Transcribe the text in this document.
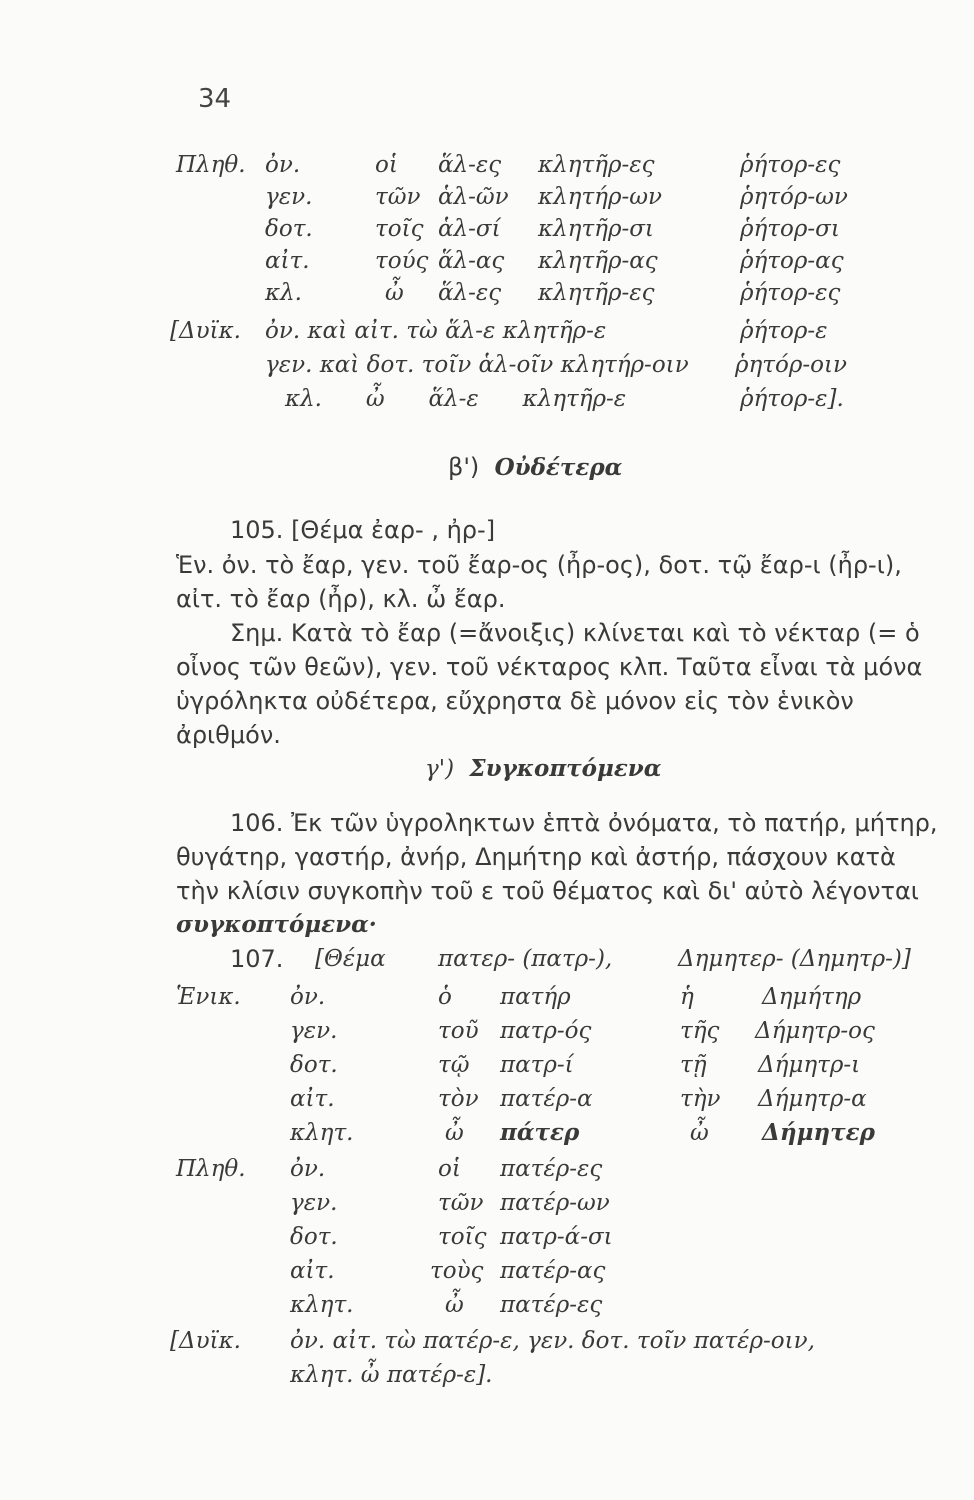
34
Πληθ. ὀν.	οἱ ἅλ-ες κλητῆρ-ες	ῥήτορ-ες
γεν.	τῶν ἁλ-ῶν κλητήρ-ων	ῥητόρ-ων
δοτ.	τοῖς ἁλ-σί κλητῆρ-σι	ῥήτορ-σι
αἰτ.	τούς ἅλ-ας κλητῆρ-ας	ῥήτορ-ας
κλ.	ὦ ἅλ-ες κλητῆρ-ες	ῥήτορ-ες
[Δυϊκ. ὀν. καὶ αἰτ. τὼ ἅλ-ε κλητῆρ-ε	ῥήτορ-ε
γεν. καὶ δοτ. τοῖν ἁλ-οῖν κλητήρ-οιν ῥητόρ-οιν
κλ.      ὦ      ἅλ-ε      κλητῆρ-ε	ῥήτορ-ε].
β') Οὐδέτερα
105. [Θέμα ἐαρ- , ἠρ-]
Ἑν. ὀν. τὸ ἔαρ, γεν. τοῦ ἔαρ-ος (ἦρ-ος), δοτ. τῷ ἔαρ-ι (ἦρ-ι),
αἰτ. τὸ ἔαρ (ἦρ), κλ. ὦ ἔαρ.
Σημ. Κατὰ τὸ ἔαρ (=ἄνοιξις) κλίνεται καὶ τὸ νέκταρ (= ὁ
οἶνος τῶν θεῶν), γεν. τοῦ νέκταρος κλπ. Ταῦτα εἶναι τὰ μόνα
ὑγρόληκτα οὐδέτερα, εὔχρηστα δὲ μόνον εἰς τὸν ἑνικὸν
ἀριθμόν.
γ') Συγκοπτόμενα
106. Ἐκ τῶν ὑγροληκτων ἑπτὰ ὀνόματα, τὸ πατήρ, μήτηρ,
θυγάτηρ, γαστήρ, ἀνήρ, Δημήτηρ καὶ ἀστήρ, πάσχουν κατὰ
τὴν κλίσιν συγκοπὴν τοῦ ε τοῦ θέματος καὶ δι' αὐτὸ λέγονται
συγκοπτόμενα·
107. [Θέμα πατερ- (πατρ-),	Δημητερ- (Δημητρ-)]
Ἑνικ. ὀν.	ὁ πατήρ	ἡ	Δημήτηρ
γεν.	τοῦ πατρ-ός	τῆς Δήμητρ-ος
δοτ.	τῷ πατρ-ί	τῇ Δήμητρ-ι
αἰτ.	τὸν πατέρ-α	τὴν Δήμητρ-α
κλητ.	ὦ πάτερ	ὦ Δήμητερ
Πληθ. ὀν.	οἱ πατέρ-ες
γεν.	τῶν πατέρ-ων
δοτ.	τοῖς πατρ-ά-σι
αἰτ.	τοὺς πατέρ-ας
κλητ.	ὦ πατέρ-ες
[Δυϊκ. ὀν. αἰτ. τὼ πατέρ-ε, γεν. δοτ. τοῖν πατέρ-οιν,
κλητ. ὦ πατέρ-ε].
